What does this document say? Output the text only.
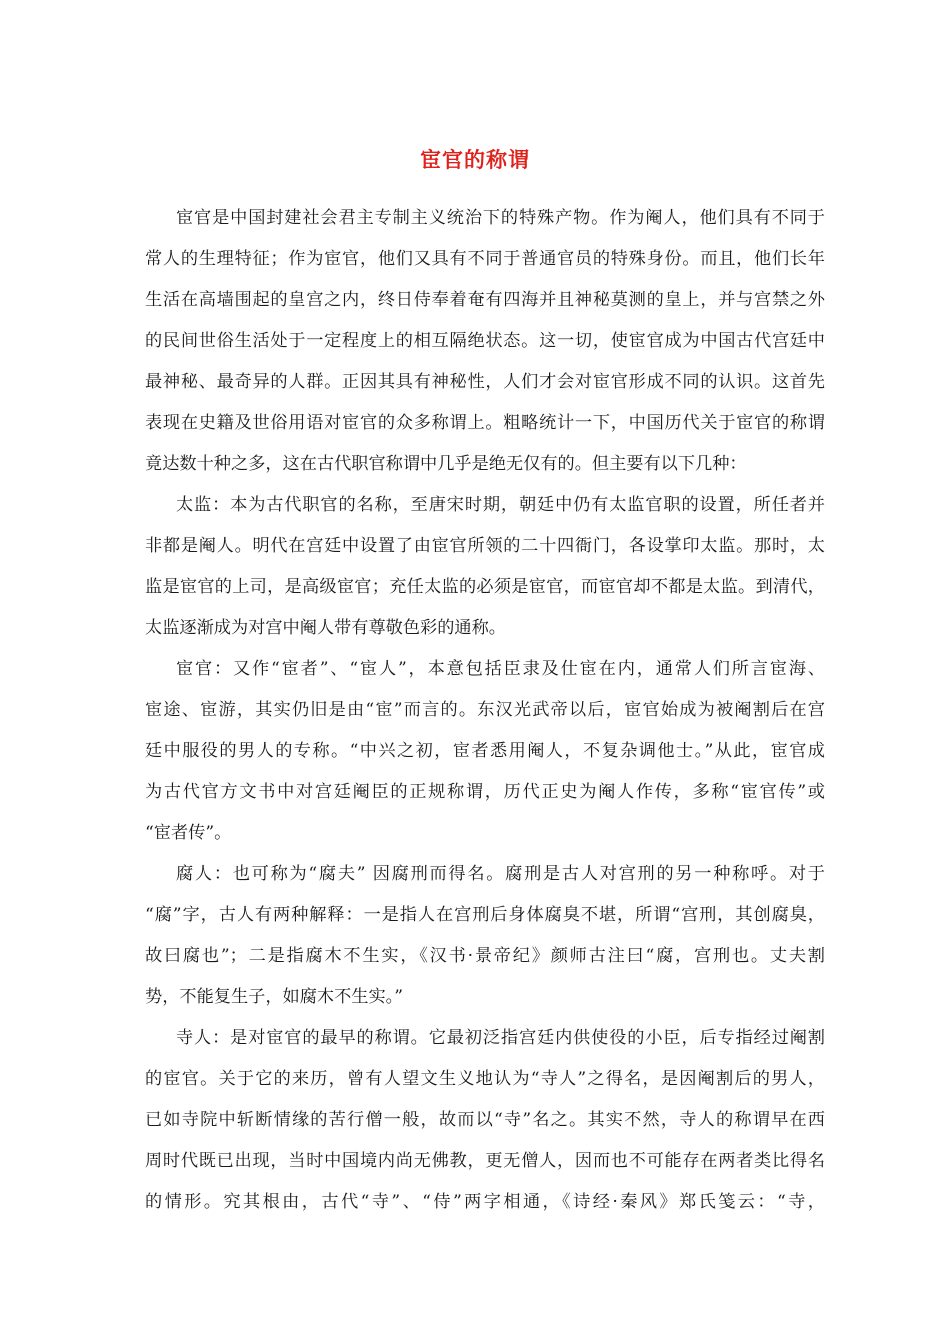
宦官的称谓
宦官是中国封建社会君主专制主义统治下的特殊产物。作为阉人，他们具有不同于
常人的生理特征；作为宦官，他们又具有不同于普通官员的特殊身份。而且，他们长年
生活在高墙围起的皇宫之内，终日侍奉着奄有四海并且神秘莫测的皇上，并与宫禁之外
的民间世俗生活处于一定程度上的相互隔绝状态。这一切，使宦官成为中国古代宫廷中
最神秘、最奇异的人群。正因其具有神秘性，人们才会对宦官形成不同的认识。这首先
表现在史籍及世俗用语对宦官的众多称谓上。粗略统计一下，中国历代关于宦官的称谓
竟达数十种之多，这在古代职官称谓中几乎是绝无仅有的。但主要有以下几种：
太监：本为古代职官的名称，至唐宋时期，朝廷中仍有太监官职的设置，所任者并
非都是阉人。明代在宫廷中设置了由宦官所领的二十四衙门，各设掌印太监。那时，太
监是宦官的上司，是高级宦官；充任太监的必须是宦官，而宦官却不都是太监。到清代，
太监逐渐成为对宫中阉人带有尊敬色彩的通称。
宦官：又作“宦者”、“宦人”，本意包括臣隶及仕宦在内，通常人们所言宦海、
宦途、宦游，其实仍旧是由“宦”而言的。东汉光武帝以后，宦官始成为被阉割后在宫
廷中服役的男人的专称。“中兴之初，宦者悉用阉人，不复杂调他士。”从此，宦官成
为古代官方文书中对宫廷阉臣的正规称谓，历代正史为阉人作传，多称“宦官传”或
“宦者传”。
腐人：也可称为“腐夫” 因腐刑而得名。腐刑是古人对宫刑的另一种称呼。对于
“腐”字，古人有两种解释：一是指人在宫刑后身体腐臭不堪，所谓“宫刑，其创腐臭，
故曰腐也”；二是指腐木不生实，《汉书·景帝纪》颜师古注曰“腐，宫刑也。丈夫割
势，不能复生子，如腐木不生实。”
寺人：是对宦官的最早的称谓。它最初泛指宫廷内供使役的小臣，后专指经过阉割
的宦官。关于它的来历，曾有人望文生义地认为“寺人”之得名，是因阉割后的男人，
已如寺院中斩断情缘的苦行僧一般，故而以“寺”名之。其实不然，寺人的称谓早在西
周时代既已出现，当时中国境内尚无佛教，更无僧人，因而也不可能存在两者类比得名
的情形。究其根由，古代“寺”、“侍”两字相通，《诗经·秦风》郑氏笺云：“寺，
